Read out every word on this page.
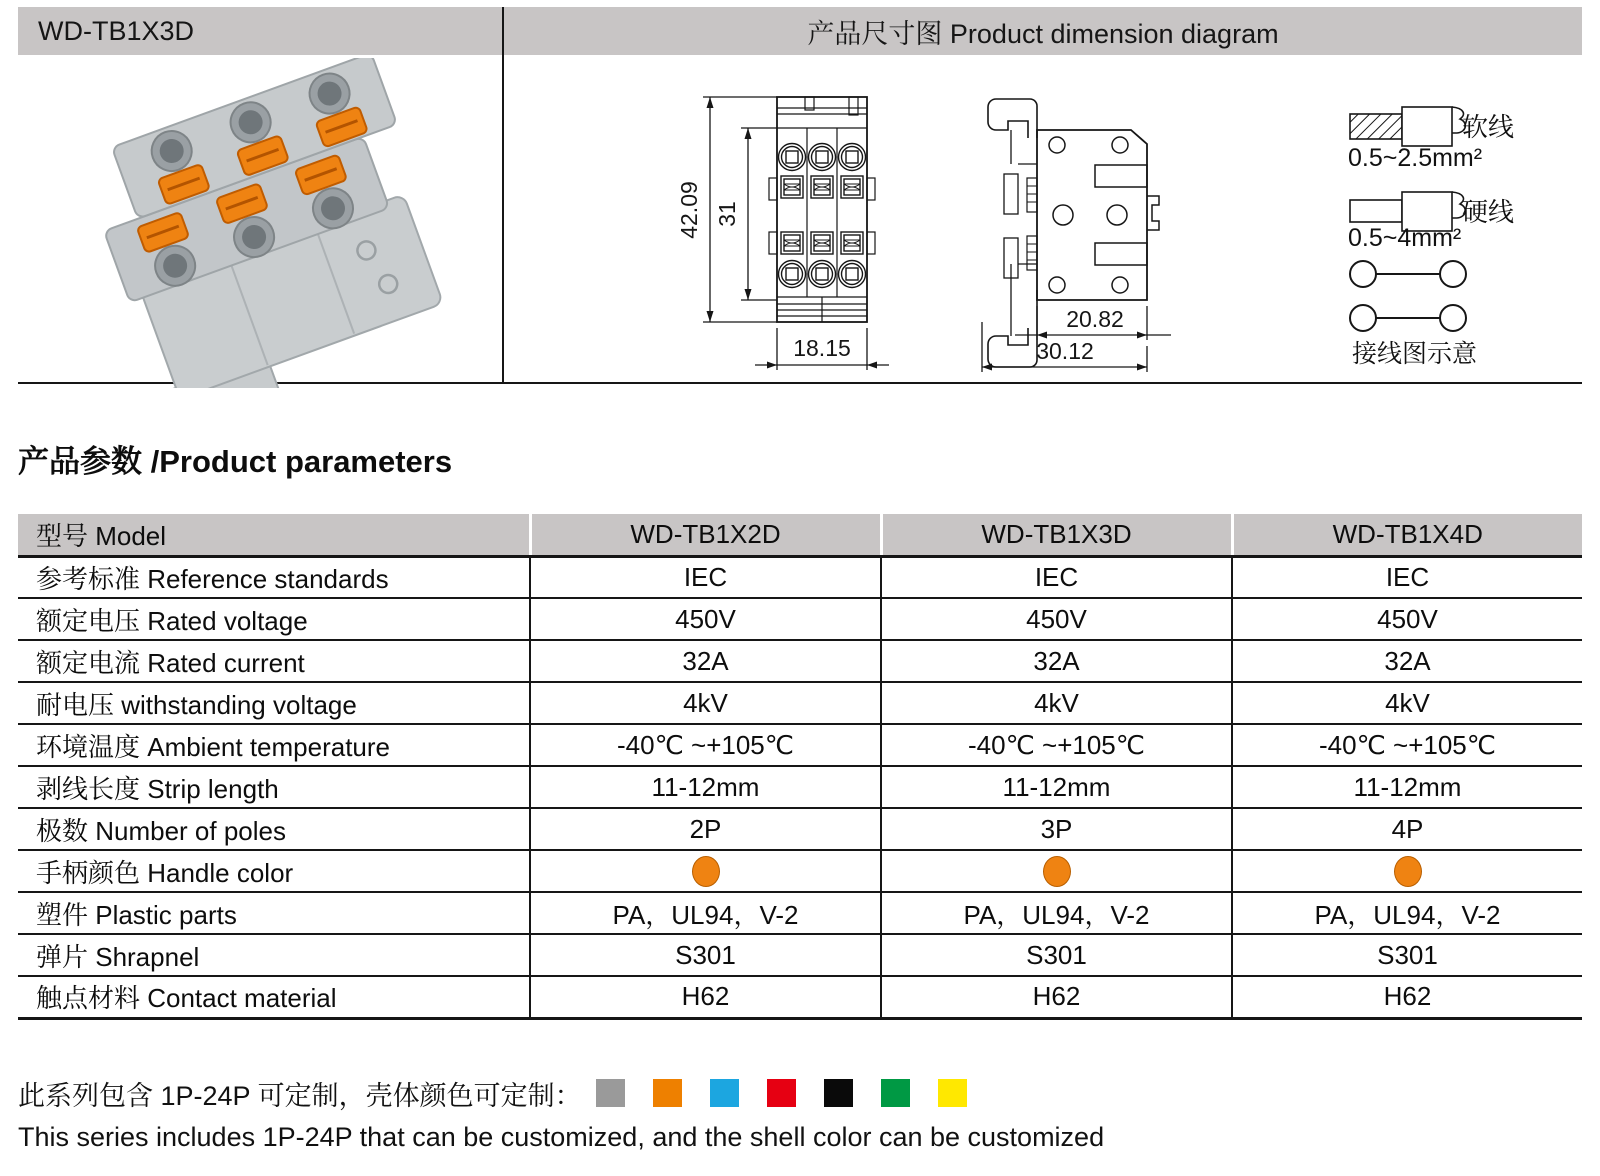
WD-TB1X3D	产品尺寸图 Product dimension diagram
42.09 31
18.15
20.82
30.12
软线
0.5~2.5mm²
硬线
0.5~4mm²
接线图示意
产品参数 /Product parameters
型号 Model	WD-TB1X2D	WD-TB1X3D	WD-TB1X4D
参考标准 Reference standards	IEC	IEC	IEC
额定电压 Rated voltage	450V	450V	450V
额定电流 Rated current	32A	32A	32A
耐电压 withstanding voltage	4kV	4kV	4kV
环境温度 Ambient temperature	-40℃ ~+105℃	-40℃ ~+105℃	-40℃ ~+105℃
剥线长度 Strip length	11-12mm	11-12mm	11-12mm
极数 Number of poles	2P	3P	4P
手柄颜色 Handle color			
塑件 Plastic parts	PA，UL94，V-2	PA，UL94，V-2	PA，UL94，V-2
弹片 Shrapnel	S301	S301	S301
触点材料 Contact material	H62	H62	H62
此系列包含 1P-24P 可定制，壳体颜色可定制：
This series includes 1P-24P that can be customized, and the shell color can be customized
